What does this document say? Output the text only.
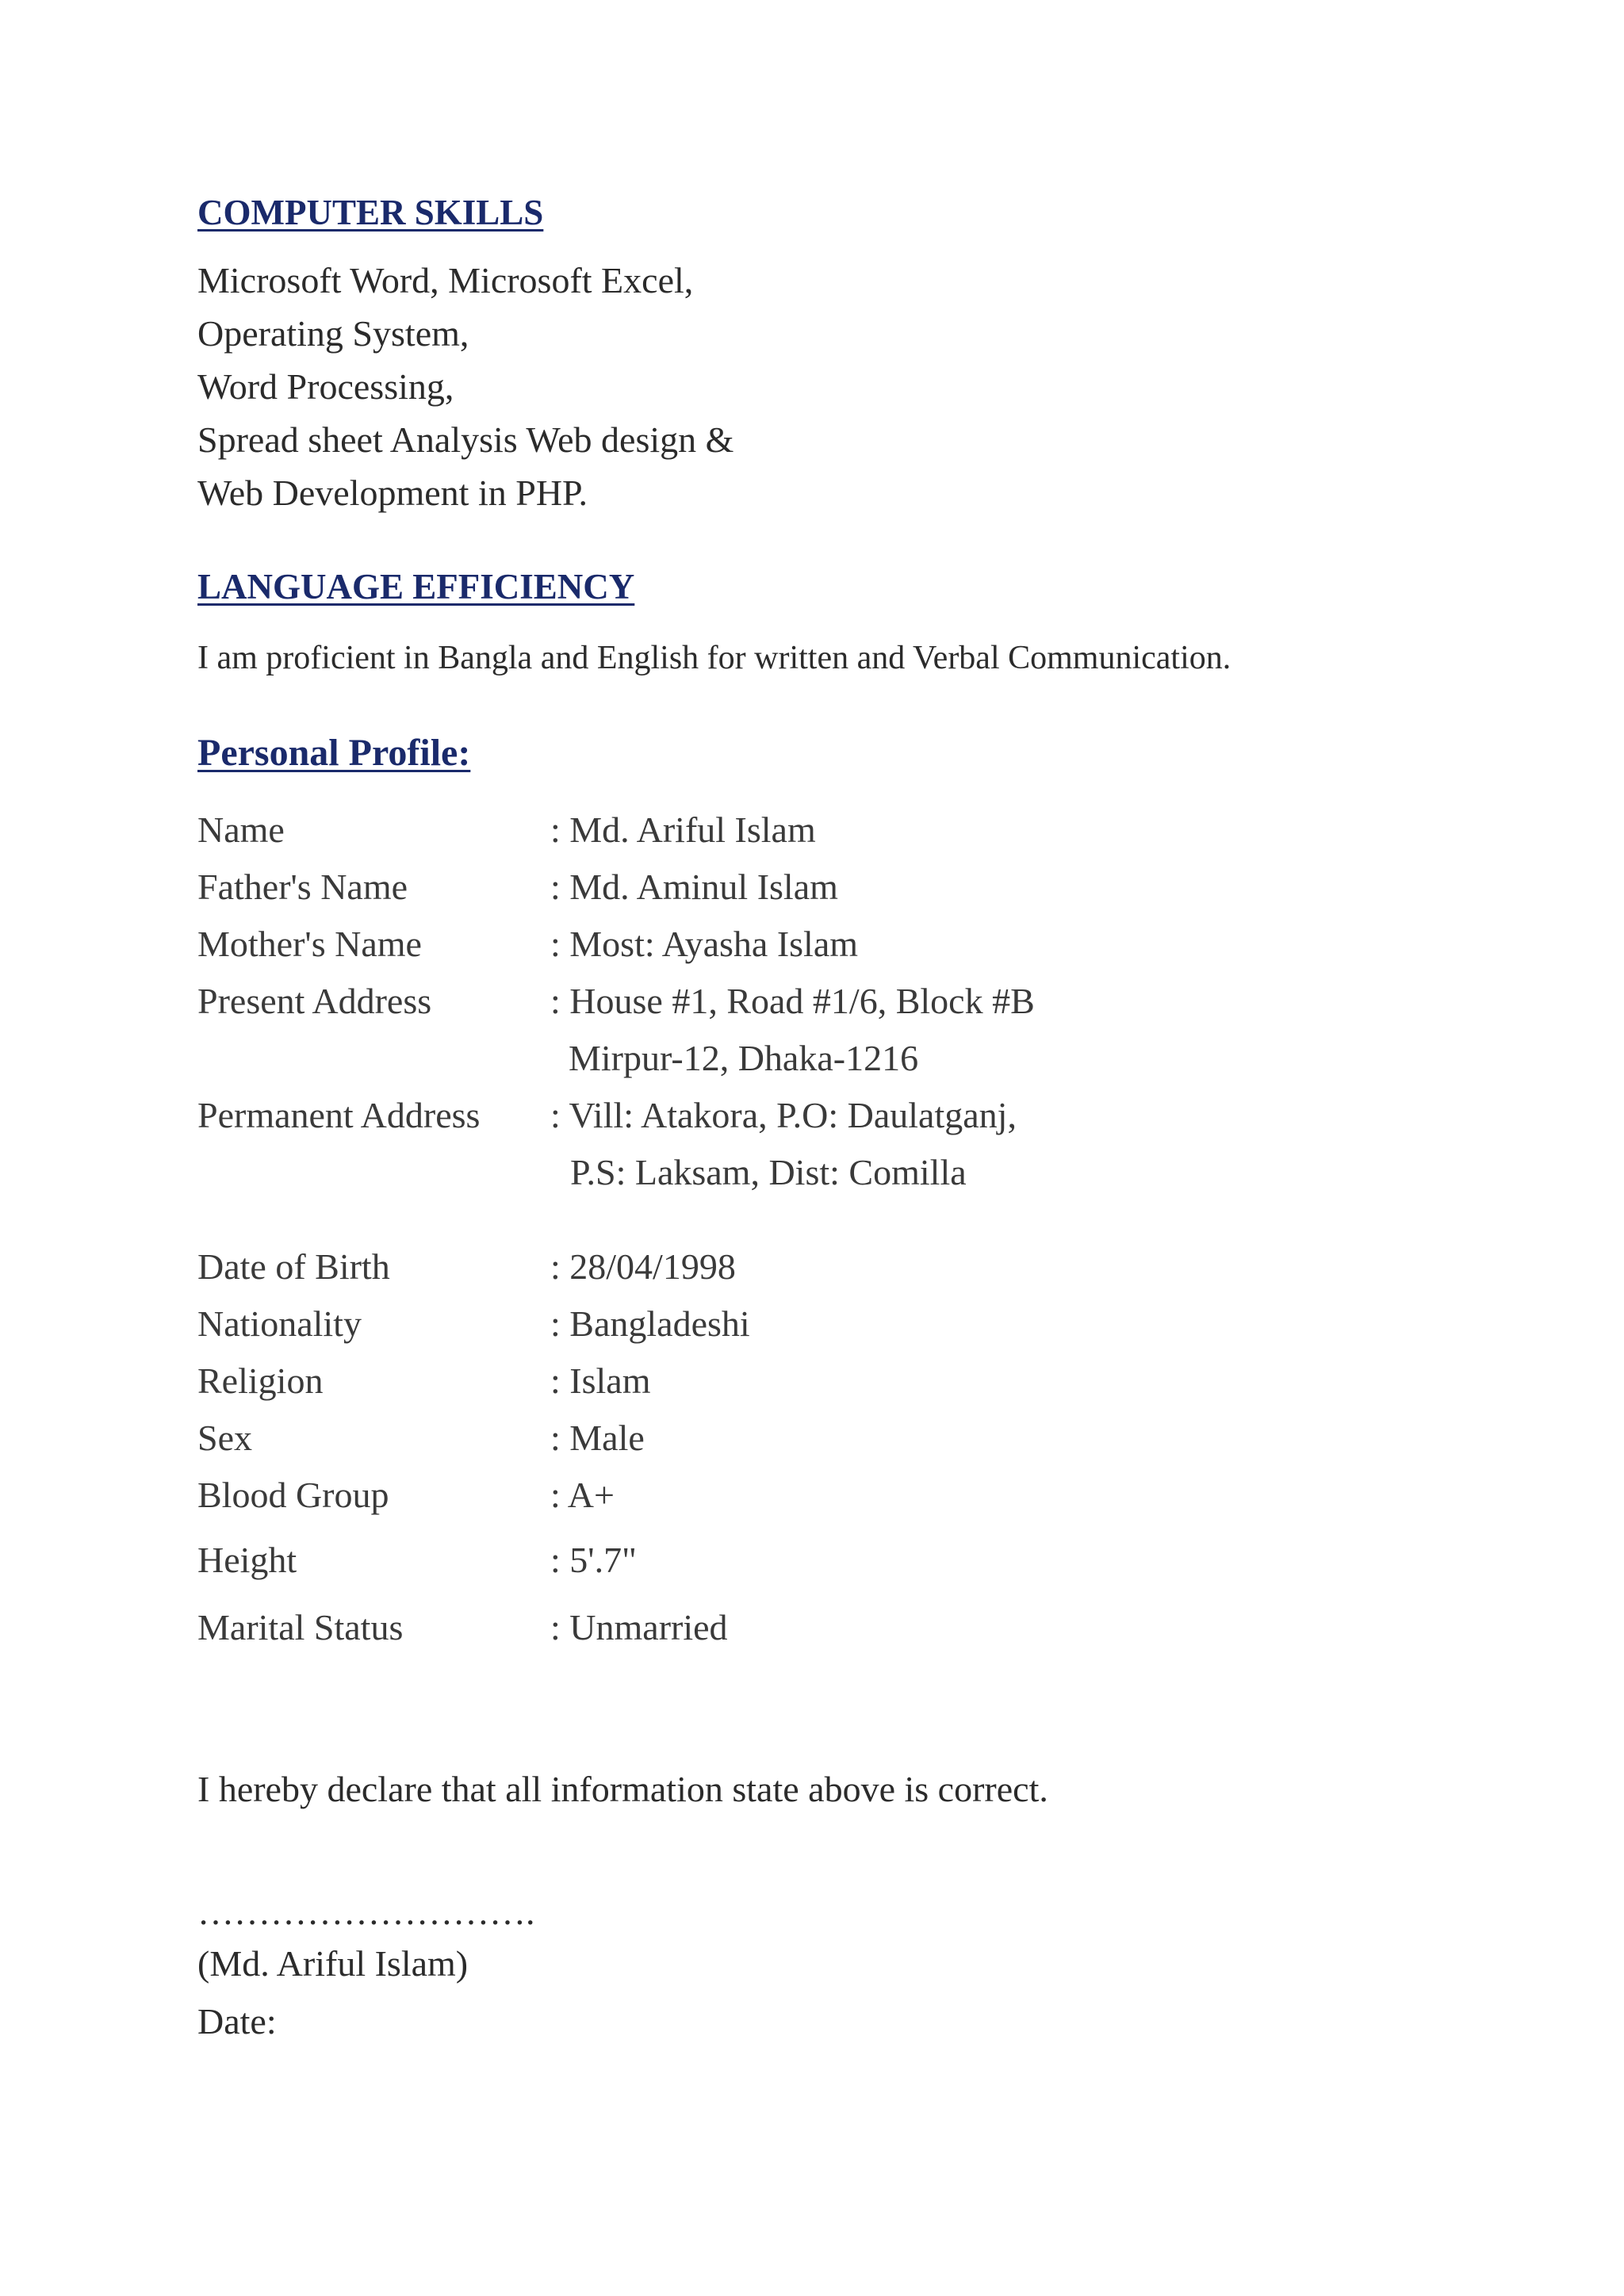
COMPUTER SKILLS
Microsoft Word, Microsoft Excel,
Operating System,
Word Processing,
Spread sheet Analysis Web design &
Web Development in PHP.
LANGUAGE EFFICIENCY
I am proficient in Bangla and English for written and Verbal Communication.
Personal Profile:
Name	: Md. Ariful Islam
Father's Name	: Md. Aminul Islam
Mother's Name	: Most: Ayasha Islam
Present Address	: House #1, Road #1/6, Block #B
Mirpur-12, Dhaka-1216
Permanent Address : Vill: Atakora, P.O: Daulatganj,
P.S: Laksam, Dist: Comilla
Date of Birth	: 28/04/1998
Nationality	: Bangladeshi
Religion	: Islam
Sex	: Male
Blood Group	: A+
Height	: 5'.7"
Marital Status	: Unmarried
I hereby declare that all information state above is correct.
……………………….
(Md. Ariful Islam)
Date:
